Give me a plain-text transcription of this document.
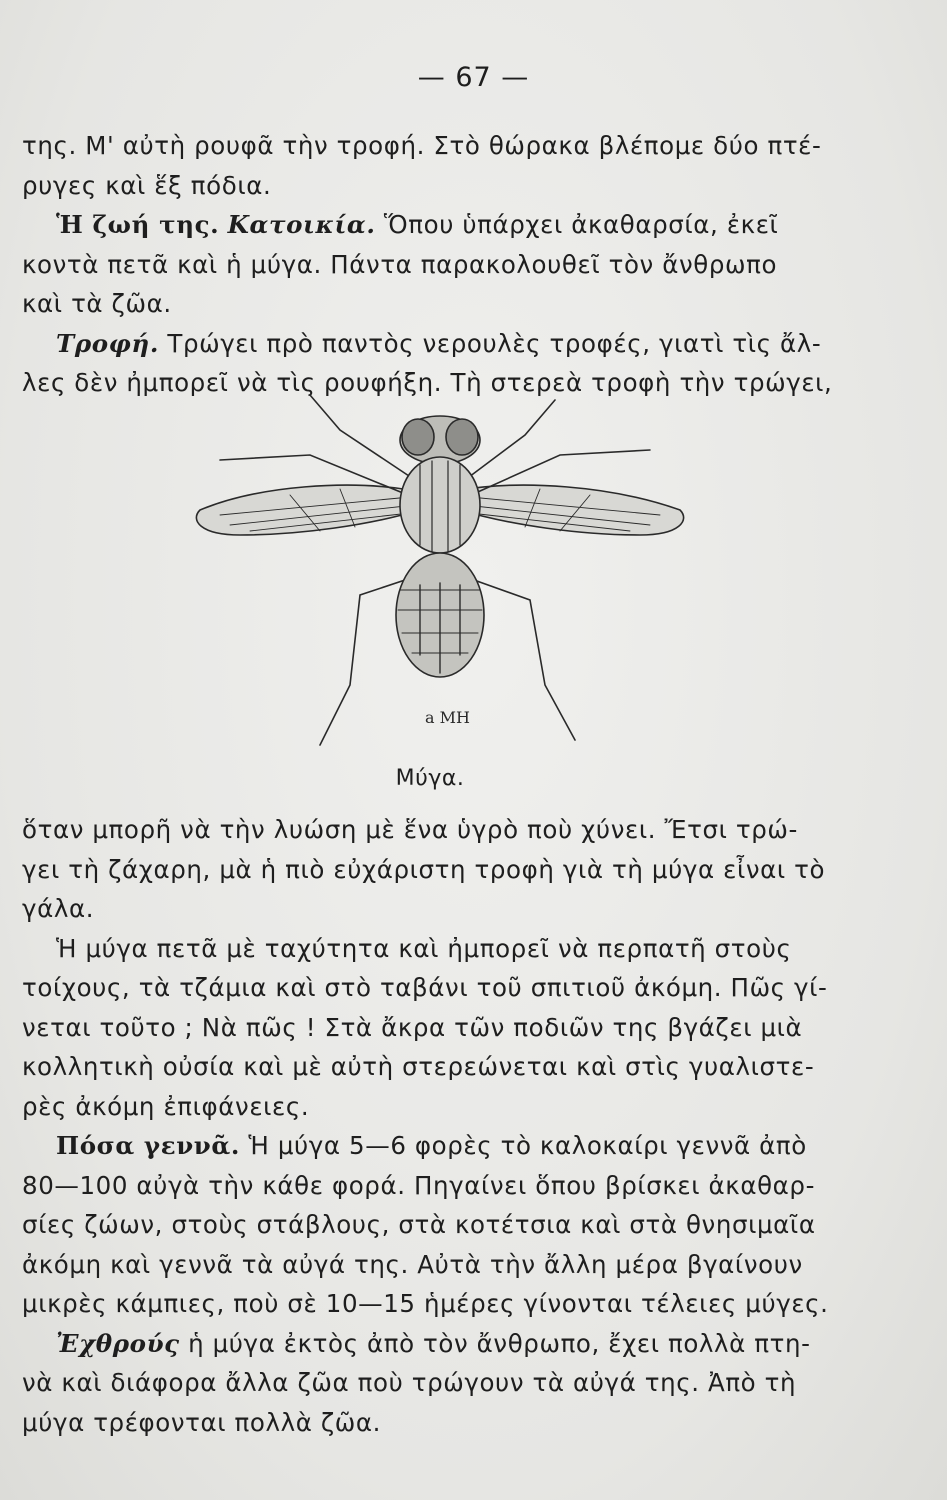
— 67 —
της. Μ' αὐτὴ ρουφᾶ τὴν τροφή. Στὸ θώρακα βλέπομε δύο πτέ-
ρυγες καὶ ἕξ πόδια.
Ἡ ζωή της. Κατοικία. Ὅπου ὑπάρχει ἀκαθαρσία, ἐκεῖ
κοντὰ πετᾶ καὶ ἡ μύγα. Πάντα παρακολουθεῖ τὸν ἄνθρωπο
καὶ τὰ ζῶα.
Τροφή. Τρώγει πρὸ παντὸς νερουλὲς τροφές, γιατὶ τὶς ἄλ-
λες δὲν ἠμπορεῖ νὰ τὶς ρουφήξη. Τὴ στερεὰ τροφὴ τὴν τρώγει,
a ΜΗ
Μύγα.
ὅταν μπορῆ νὰ τὴν λυώση μὲ ἕνα ὑγρὸ ποὺ χύνει. Ἔτσι τρώ-
γει τὴ ζάχαρη, μὰ ἡ πιὸ εὐχάριστη τροφὴ γιὰ τὴ μύγα εἶναι τὸ
γάλα.
Ἡ μύγα πετᾶ μὲ ταχύτητα καὶ ἠμπορεῖ νὰ περπατῆ στοὺς
τοίχους, τὰ τζάμια καὶ στὸ ταβάνι τοῦ σπιτιοῦ ἀκόμη. Πῶς γί-
νεται τοῦτο ; Νὰ πῶς ! Στὰ ἄκρα τῶν ποδιῶν της βγάζει μιὰ
κολλητικὴ οὐσία καὶ μὲ αὐτὴ στερεώνεται καὶ στὶς γυαλιστε-
ρὲς ἀκόμη ἐπιφάνειες.
Πόσα γεννᾶ. Ἡ μύγα 5—6 φορὲς τὸ καλοκαίρι γεννᾶ ἀπὸ
80—100 αὐγὰ τὴν κάθε φορά. Πηγαίνει ὅπου βρίσκει ἀκαθαρ-
σίες ζώων, στοὺς στάβλους, στὰ κοτέτσια καὶ στὰ θνησιμαῖα
ἀκόμη καὶ γεννᾶ τὰ αὐγά της. Αὐτὰ τὴν ἄλλη μέρα βγαίνουν
μικρὲς κάμπιες, ποὺ σὲ 10—15 ἡμέρες γίνονται τέλειες μύγες.
Ἐχθρούς ἡ μύγα ἐκτὸς ἀπὸ τὸν ἄνθρωπο, ἔχει πολλὰ πτη-
νὰ καὶ διάφορα ἄλλα ζῶα ποὺ τρώγουν τὰ αὐγά της. Ἀπὸ τὴ
μύγα τρέφονται πολλὰ ζῶα.
